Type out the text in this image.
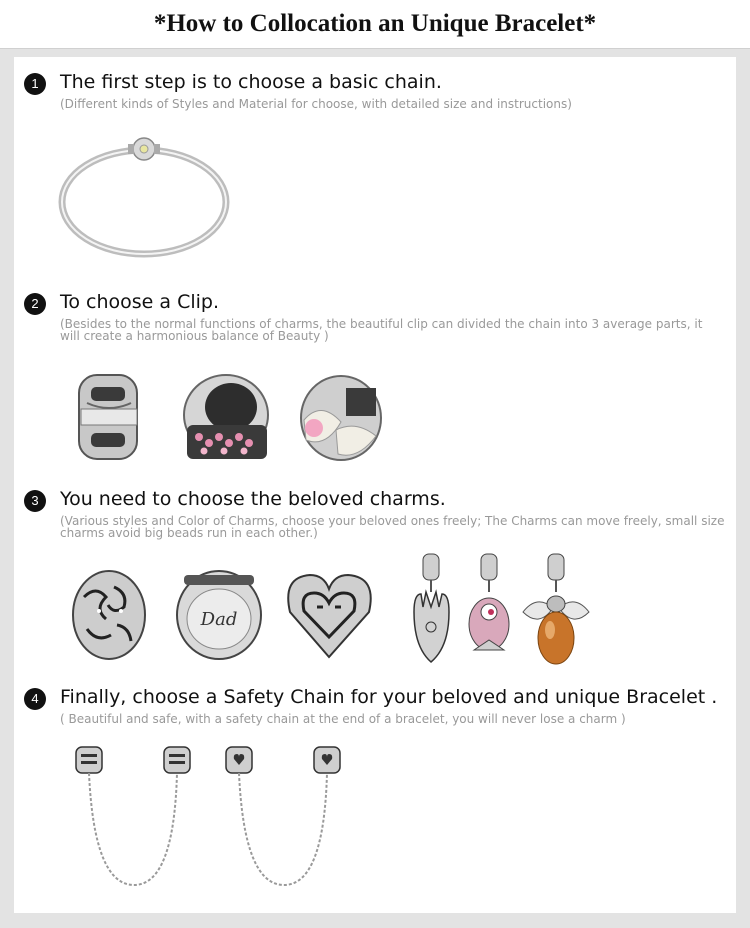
*How to Collocation an Unique Bracelet*
1	The first step is to choose a basic chain.
(Different kinds of Styles and Material for choose, with detailed size and instructions)
2	To choose a Clip.
(Besides to the normal functions of charms, the beautiful clip can divided the chain into 3 average parts, it will create a harmonious balance of Beauty )
3	You need to choose the beloved charms.
(Various styles and Color of Charms, choose your beloved ones freely; The Charms can move freely, small size charms avoid big beads run in each other.)
Dad
4	Finally, choose a Safety Chain for your beloved and unique Bracelet .
( Beautiful and safe, with a safety chain at the end of a bracelet, you will never lose a charm )
